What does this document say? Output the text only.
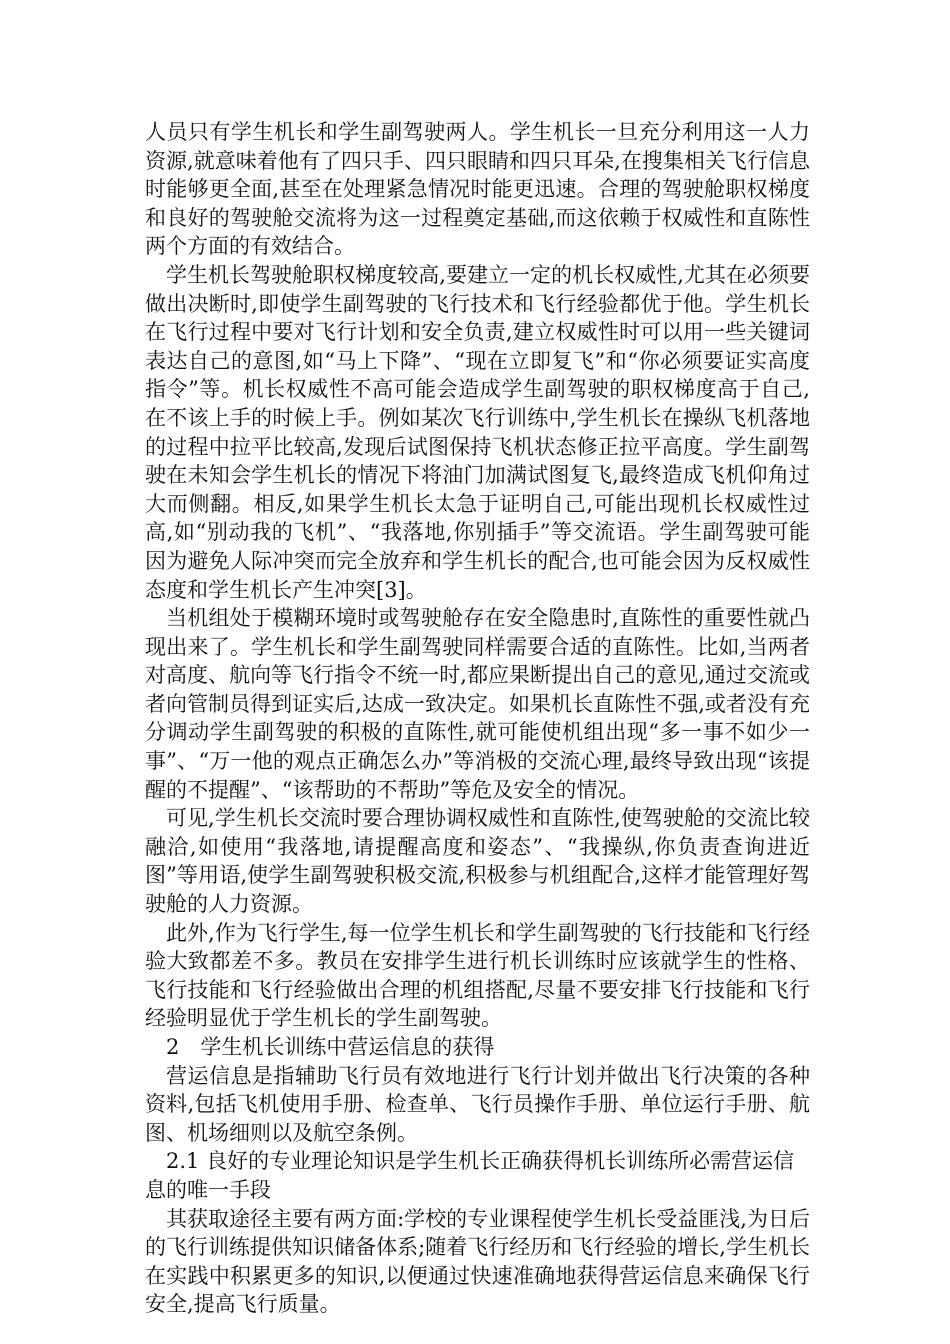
人员只有学生机长和学生副驾驶两人。学生机长一旦充分利用这一人力资源,就意味着他有了四只手、四只眼睛和四只耳朵,在搜集相关飞行信息时能够更全面,甚至在处理紧急情况时能更迅速。合理的驾驶舱职权梯度和良好的驾驶舱交流将为这一过程奠定基础,而这依赖于权威性和直陈性两个方面的有效结合。

学生机长驾驶舱职权梯度较高,要建立一定的机长权威性,尤其在必须要做出决断时,即使学生副驾驶的飞行技术和飞行经验都优于他。学生机长在飞行过程中要对飞行计划和安全负责,建立权威性时可以用一些关键词表达自己的意图,如“马上下降”、“现在立即复飞”和“你必须要证实高度指令”等。机长权威性不高可能会造成学生副驾驶的职权梯度高于自己,在不该上手的时候上手。例如某次飞行训练中,学生机长在操纵飞机落地的过程中拉平比较高,发现后试图保持飞机状态修正拉平高度。学生副驾驶在未知会学生机长的情况下将油门加满试图复飞,最终造成飞机仰角过大而侧翻。相反,如果学生机长太急于证明自己,可能出现机长权威性过高,如“别动我的飞机”、“我落地,你别插手”等交流语。学生副驾驶可能因为避免人际冲突而完全放弃和学生机长的配合,也可能会因为反权威性态度和学生机长产生冲突[3]。

当机组处于模糊环境时或驾驶舱存在安全隐患时,直陈性的重要性就凸现出来了。学生机长和学生副驾驶同样需要合适的直陈性。比如,当两者对高度、航向等飞行指令不统一时,都应果断提出自己的意见,通过交流或者向管制员得到证实后,达成一致决定。如果机长直陈性不强,或者没有充分调动学生副驾驶的积极的直陈性,就可能使机组出现“多一事不如少一事”、“万一他的观点正确怎么办”等消极的交流心理,最终导致出现“该提醒的不提醒”、“该帮助的不帮助”等危及安全的情况。

可见,学生机长交流时要合理协调权威性和直陈性,使驾驶舱的交流比较融洽,如使用“我落地,请提醒高度和姿态”、“我操纵,你负责查询进近图”等用语,使学生副驾驶积极交流,积极参与机组配合,这样才能管理好驾驶舱的人力资源。

此外,作为飞行学生,每一位学生机长和学生副驾驶的飞行技能和飞行经验大致都差不多。教员在安排学生进行机长训练时应该就学生的性格、飞行技能和飞行经验做出合理的机组搭配,尽量不要安排飞行技能和飞行经验明显优于学生机长的学生副驾驶。

2　学生机长训练中营运信息的获得

营运信息是指辅助飞行员有效地进行飞行计划并做出飞行决策的各种资料,包括飞机使用手册、检查单、飞行员操作手册、单位运行手册、航图、机场细则以及航空条例。

2.1 良好的专业理论知识是学生机长正确获得机长训练所必需营运信息的唯一手段

其获取途径主要有两方面:学校的专业课程使学生机长受益匪浅,为日后的飞行训练提供知识储备体系;随着飞行经历和飞行经验的增长,学生机长在实践中积累更多的知识,以便通过快速准确地获得营运信息来确保飞行安全,提高飞行质量。
